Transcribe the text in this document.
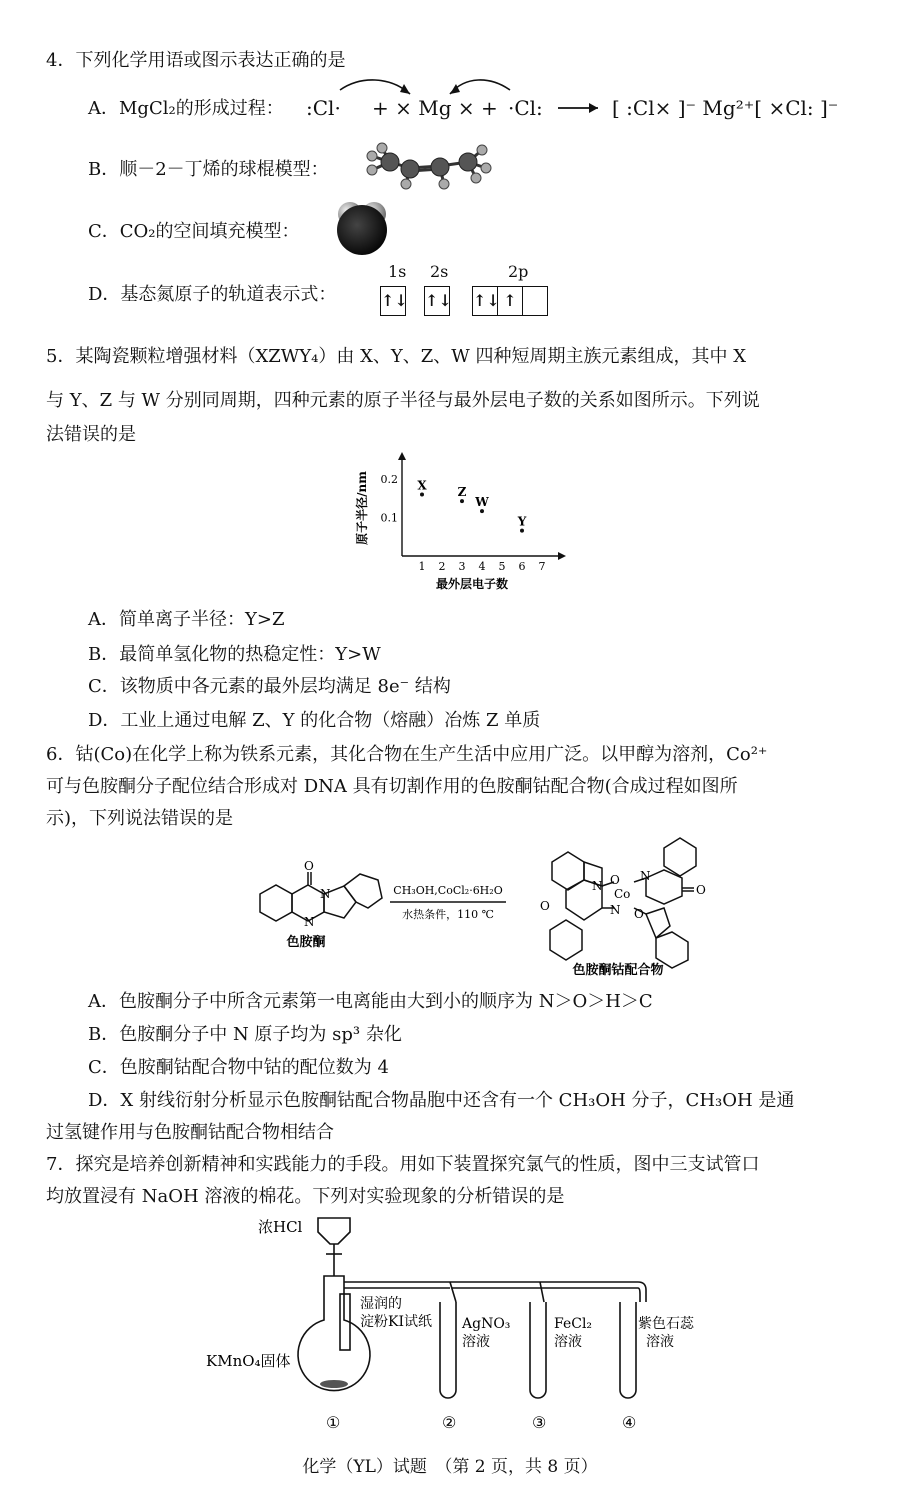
4．下列化学用语或图示表达正确的是
A．MgCl₂的形成过程： :Cl· + × Mg × + ·Cl:	[ :Cl× ]⁻ Mg²⁺[ ×Cl: ]⁻
B．顺－2－丁烯的球棍模型：
C．CO₂的空间填充模型：
D．基态氮原子的轨道表示式：
1s 2s	2p
↑↓ ↑↓ ↑↓ ↑
5．某陶瓷颗粒增强材料（XZWY₄）由 X、Y、Z、W 四种短周期主族元素组成，其中 X
与 Y、Z 与 W 分别同周期，四种元素的原子半径与最外层电子数的关系如图所示。下列说
法错误的是
1 2 3 4 5 6 7
0.2
0.1
最外层电子数
原子半径/nm	X	Z
W
Y
A．简单离子半径：Y>Z
B．最简单氢化物的热稳定性：Y>W
C．该物质中各元素的最外层均满足 8e⁻ 结构
D．工业上通过电解 Z、Y 的化合物（熔融）冶炼 Z 单质
6．钴(Co)在化学上称为铁系元素，其化合物在生产生活中应用广泛。以甲醇为溶剂，Co²⁺
可与色胺酮分子配位结合形成对 DNA 具有切割作用的色胺酮钴配合物(合成过程如图所
示)，下列说法错误的是
CH₃OH,CoCl₂·6H₂O
水热条件，110 ℃
色胺酮
色胺酮钴配合物
O
N
N
O
Co
N
N
O
O
N
O
A．色胺酮分子中所含元素第一电离能由大到小的顺序为 N＞O＞H＞C
B．色胺酮分子中 N 原子均为 sp³ 杂化
C．色胺酮钴配合物中钴的配位数为 4
D．X 射线衍射分析显示色胺酮钴配合物晶胞中还含有一个 CH₃OH 分子，CH₃OH 是通
过氢键作用与色胺酮钴配合物相结合
7．探究是培养创新精神和实践能力的手段。用如下装置探究氯气的性质，图中三支试管口
均放置浸有 NaOH 溶液的棉花。下列对实验现象的分析错误的是
浓HCl
湿润的
淀粉KI试纸
KMnO₄固体
AgNO₃
溶液
FeCl₂
溶液
紫色石蕊
溶液
①	②	③	④
化学（YL）试题　（第 2 页，共 8 页）
